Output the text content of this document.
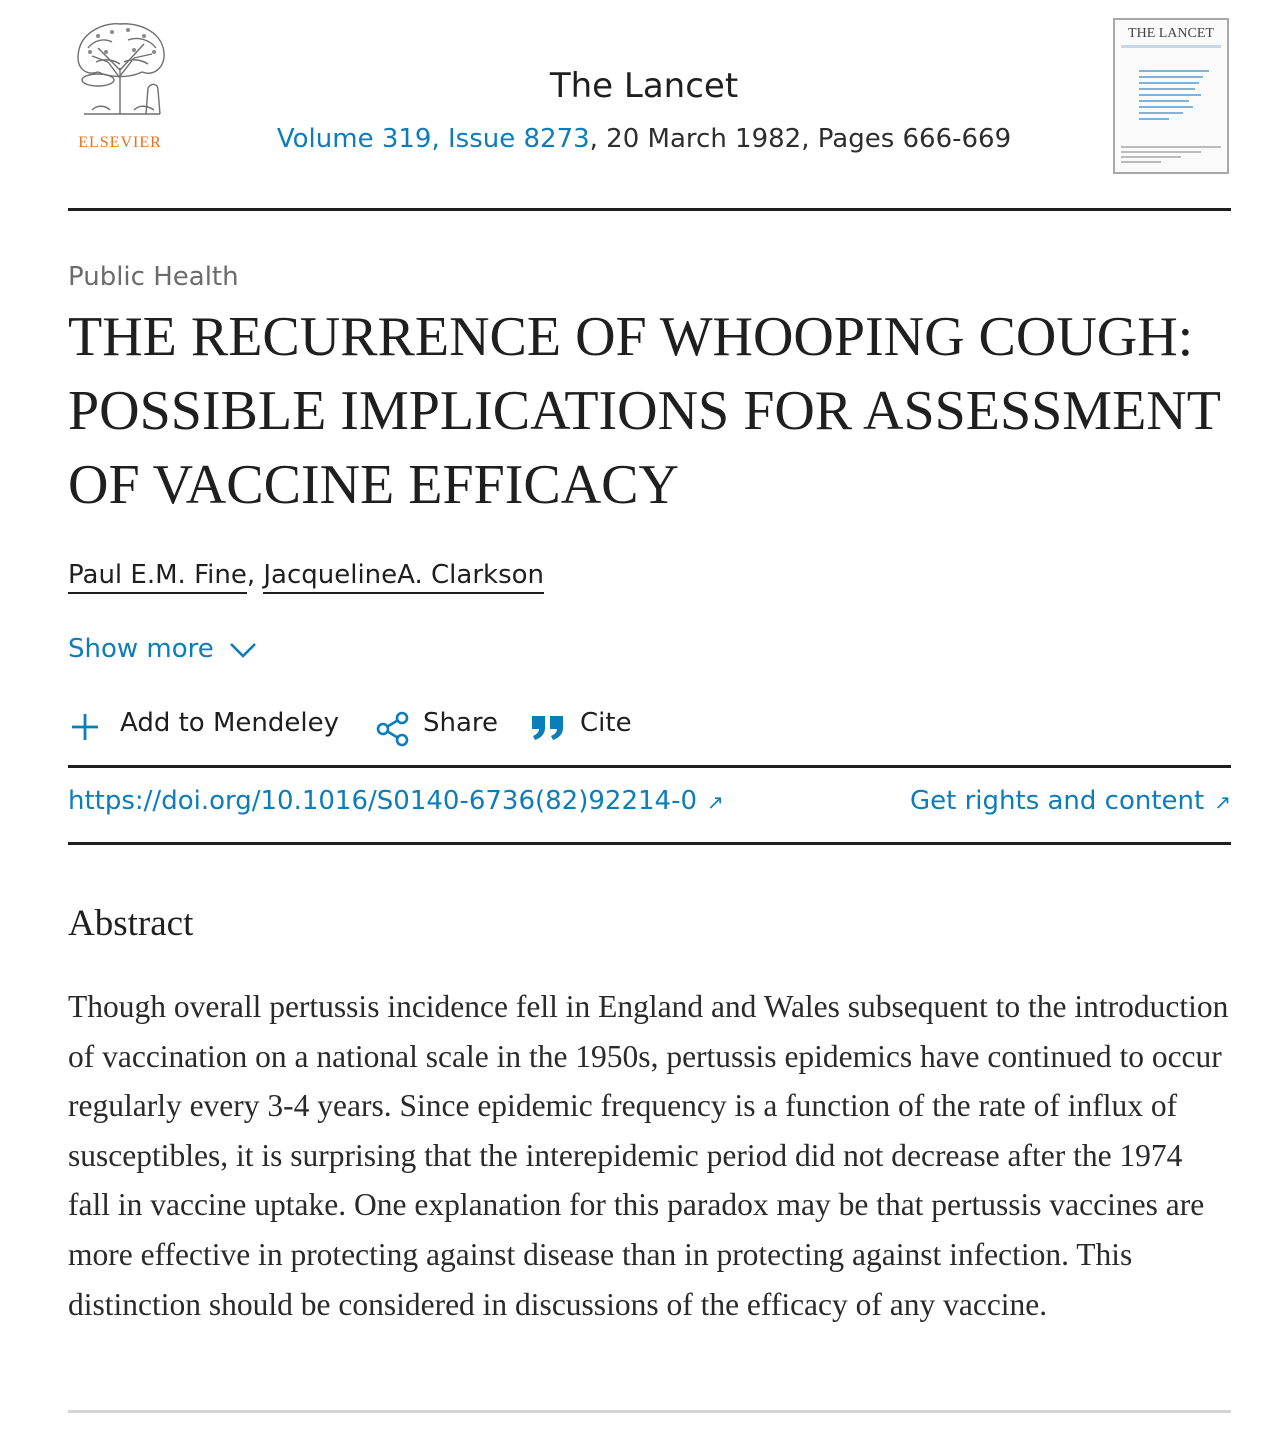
ELSEVIER
The Lancet
Volume 319, Issue 8273, 20 March 1982, Pages 666-669
THE LANCET
Public Health
THE RECURRENCE OF WHOOPING COUGH: POSSIBLE IMPLICATIONS FOR ASSESSMENT OF VACCINE EFFICACY
Paul E.M. Fine, JacquelineA. Clarkson
Show more
Add to Mendeley	Share	Cite
https://doi.org/10.1016/S0140-6736(82)92214-0 ↗	Get rights and content ↗
Abstract

Though overall pertussis incidence fell in England and Wales subsequent to the introduction of vaccination on a national scale in the 1950s, pertussis epidemics have continued to occur regularly every 3-4 years. Since epidemic frequency is a function of the rate of influx of susceptibles, it is surprising that the interepidemic period did not decrease after the 1974 fall in vaccine uptake. One explanation for this paradox may be that pertussis vaccines are more effective in protecting against disease than in protecting against infection. This distinction should be considered in discussions of the efficacy of any vaccine.
